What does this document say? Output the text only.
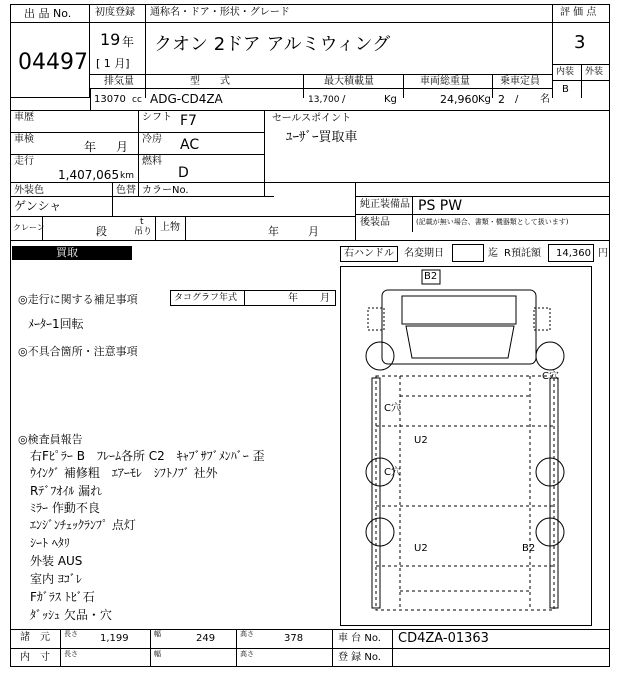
出 品 No.
04497
初度登録 通称名・ドア・形状・グレード
19 年
[ 1 月]
クオン 2ドア アルミウィング
評 価 点
3
内装 外装
B
排気量	型　　式	最大積載量	車両総重量	乗車定員
13070 cc ADG-CD4ZA	13,700 /	Kg	24,960 Kg 2 / 名
車歴	シフト F7
車検
年 月
冷房 AC
走行
1,407,065 km
燃料
D
セールスポイント
ﾕｰｻﾞｰ買取車
外装色
ゲンシャ
色替 カラーNo.
純正装備品 PS PW
後装品	(記載が無い場合、書類・機器類として扱います)
クレーン	段
t
吊り 上物	年	月
買取	右ハンドル 名変期日	迄 R預託額 14,360 円
◎走行に関する補足事項	タコグラフ年式	年 月
ﾒｰﾀｰ1回転
◎不具合箇所・注意事項
◎検査員報告
右Fﾋﾟﾗｰ B　ﾌﾚｰﾑ各所 C2　ｷｬﾌﾞｻﾌﾞﾒﾝﾊﾞｰ 歪
ｳｲﾝｸﾞ 補修粗　ｴｱｰﾓﾚ　ｼﾌﾄﾉﾌﾞ 社外
Rﾃﾞﾌｵｲﾙ 漏れ
ﾐﾗｰ 作動不良
ｴﾝｼﾞﾝﾁｪｯｸﾗﾝﾌﾟ 点灯
ｼｰﾄ ﾍﾀﾘ
外装 AUS
室内 ﾖｺﾞﾚ
Fｶﾞﾗｽ ﾄﾋﾞ石
ﾀﾞｯｼｭ 欠品・穴
B2
C穴
C穴
C穴
U2
U2	B2
諸　元 長さ 1,199	幅	249	高さ	378	車 台 No. CD4ZA-01363
内　寸 長さ	幅	高さ	登 録 No.
